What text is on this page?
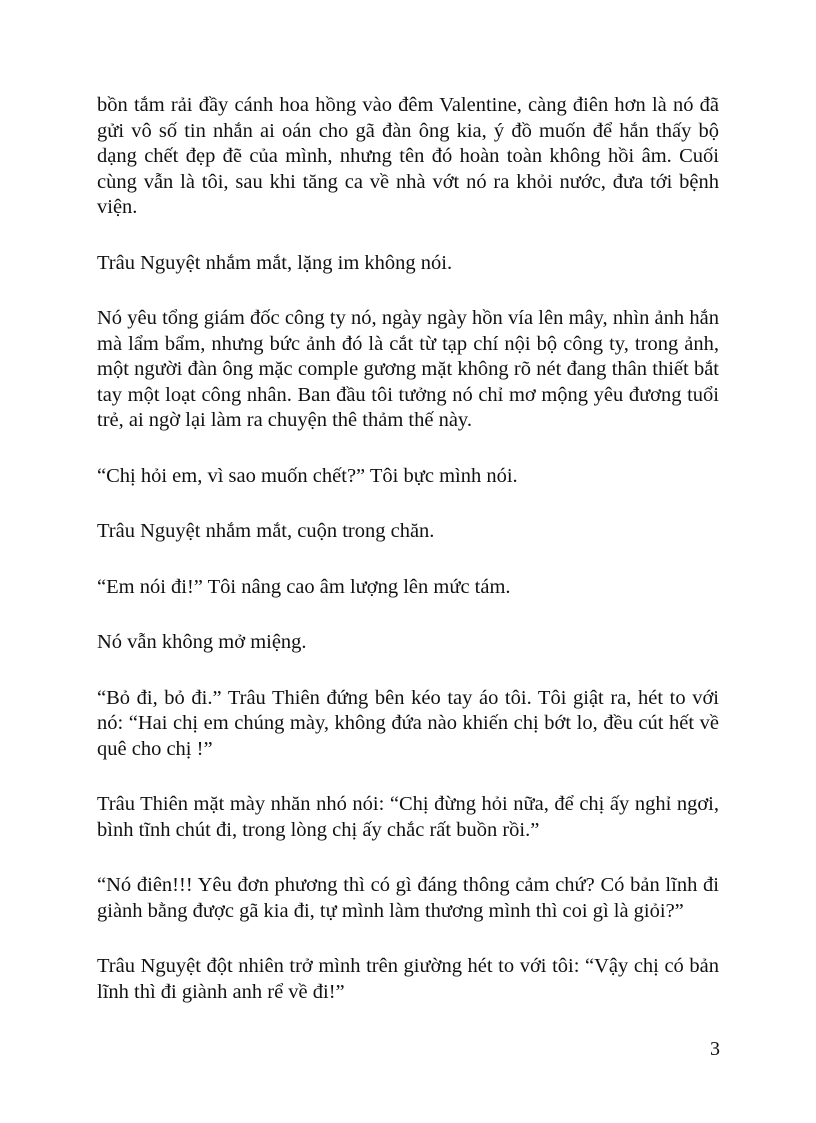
bồn tắm rải đầy cánh hoa hồng vào đêm Valentine, càng điên hơn là nó đã gửi vô số tin nhắn ai oán cho gã đàn ông kia, ý đồ muốn để hắn thấy bộ dạng chết đẹp đẽ của mình, nhưng tên đó hoàn toàn không hồi âm. Cuối cùng vẫn là tôi, sau khi tăng ca về nhà vớt nó ra khỏi nước, đưa tới bệnh viện.

Trâu Nguyệt nhắm mắt, lặng im không nói.

Nó yêu tổng giám đốc công ty nó, ngày ngày hồn vía lên mây, nhìn ảnh hắn mà lẩm bẩm, nhưng bức ảnh đó là cắt từ tạp chí nội bộ công ty, trong ảnh, một người đàn ông mặc comple gương mặt không rõ nét đang thân thiết bắt tay một loạt công nhân. Ban đầu tôi tưởng nó chỉ mơ mộng yêu đương tuổi trẻ, ai ngờ lại làm ra chuyện thê thảm thế này.

“Chị hỏi em, vì sao muốn chết?” Tôi bực mình nói.

Trâu Nguyệt nhắm mắt, cuộn trong chăn.

“Em nói đi!” Tôi nâng cao âm lượng lên mức tám.

Nó vẫn không mở miệng.

“Bỏ đi, bỏ đi.” Trâu Thiên đứng bên kéo tay áo tôi. Tôi giật ra, hét to với nó: “Hai chị em chúng mày, không đứa nào khiến chị bớt lo, đều cút hết về quê cho chị !”

Trâu Thiên mặt mày nhăn nhó nói: “Chị đừng hỏi nữa, để chị ấy nghỉ ngơi, bình tĩnh chút đi, trong lòng chị ấy chắc rất buồn rồi.”

“Nó điên!!! Yêu đơn phương thì có gì đáng thông cảm chứ? Có bản lĩnh đi giành bằng được gã kia đi, tự mình làm thương mình thì coi gì là giỏi?”

Trâu Nguyệt đột nhiên trở mình trên giường hét to với tôi: “Vậy chị có bản lĩnh thì đi giành anh rể về đi!”

3
